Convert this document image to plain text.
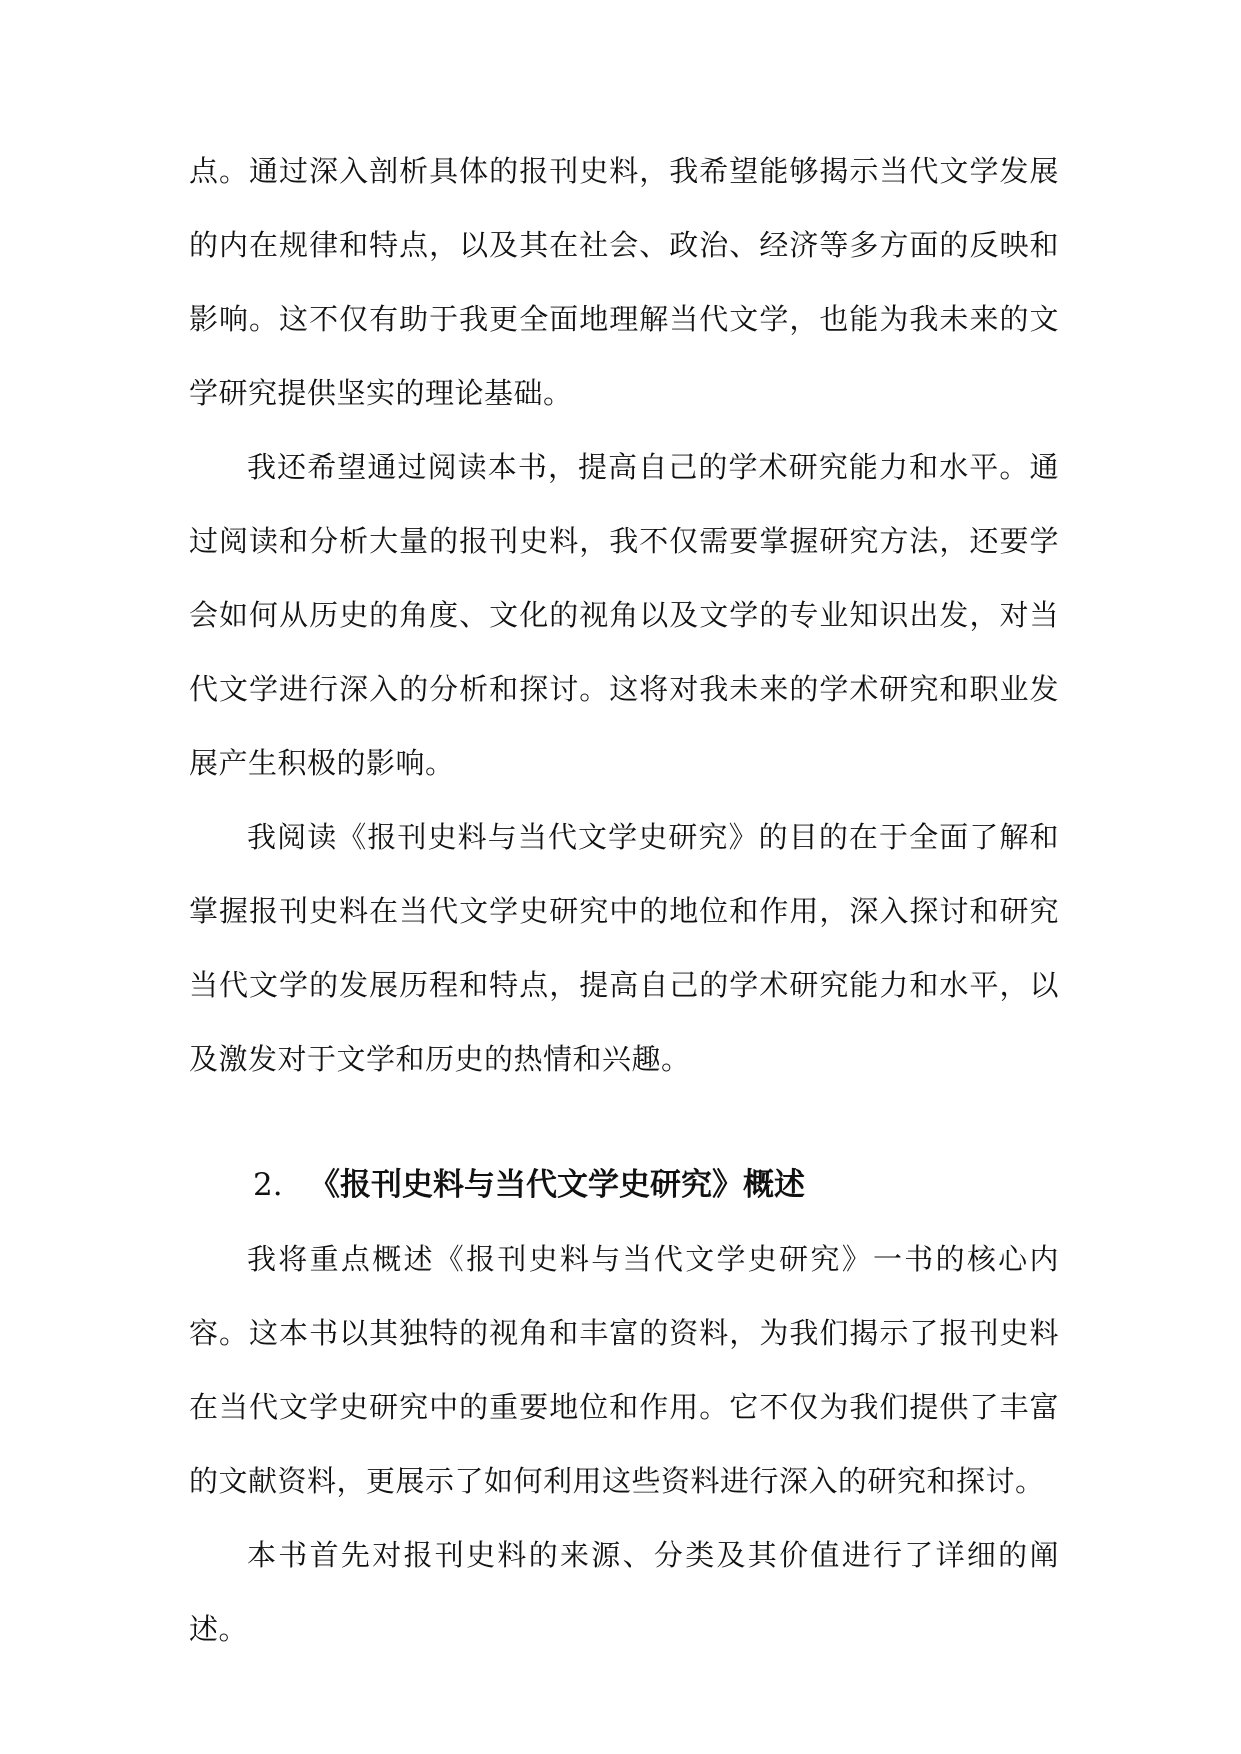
点。通过深入剖析具体的报刊史料，我希望能够揭示当代文学发展的内在规律和特点，以及其在社会、政治、经济等多方面的反映和影响。这不仅有助于我更全面地理解当代文学，也能为我未来的文学研究提供坚实的理论基础。

我还希望通过阅读本书，提高自己的学术研究能力和水平。通过阅读和分析大量的报刊史料，我不仅需要掌握研究方法，还要学会如何从历史的角度、文化的视角以及文学的专业知识出发，对当代文学进行深入的分析和探讨。这将对我未来的学术研究和职业发展产生积极的影响。

我阅读《报刊史料与当代文学史研究》的目的在于全面了解和掌握报刊史料在当代文学史研究中的地位和作用，深入探讨和研究当代文学的发展历程和特点，提高自己的学术研究能力和水平，以及激发对于文学和历史的热情和兴趣。

2. 《报刊史料与当代文学史研究》概述

我将重点概述《报刊史料与当代文学史研究》一书的核心内容。这本书以其独特的视角和丰富的资料，为我们揭示了报刊史料在当代文学史研究中的重要地位和作用。它不仅为我们提供了丰富的文献资料，更展示了如何利用这些资料进行深入的研究和探讨。

本书首先对报刊史料的来源、分类及其价值进行了详细的阐述。
